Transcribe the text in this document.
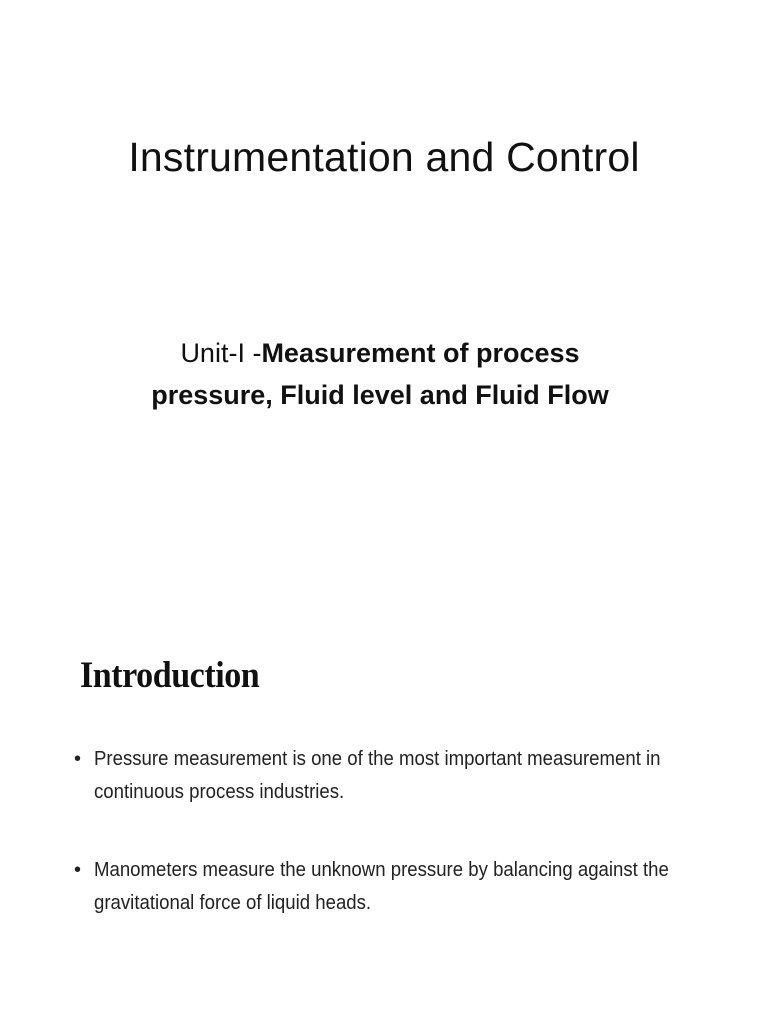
Instrumentation and Control

Unit-I -Measurement of process
pressure, Fluid level and Fluid Flow

Introduction
• Pressure measurement is one of the most important measurement in continuous process industries.
• Manometers measure the unknown pressure by balancing against the gravitational force of liquid heads.
